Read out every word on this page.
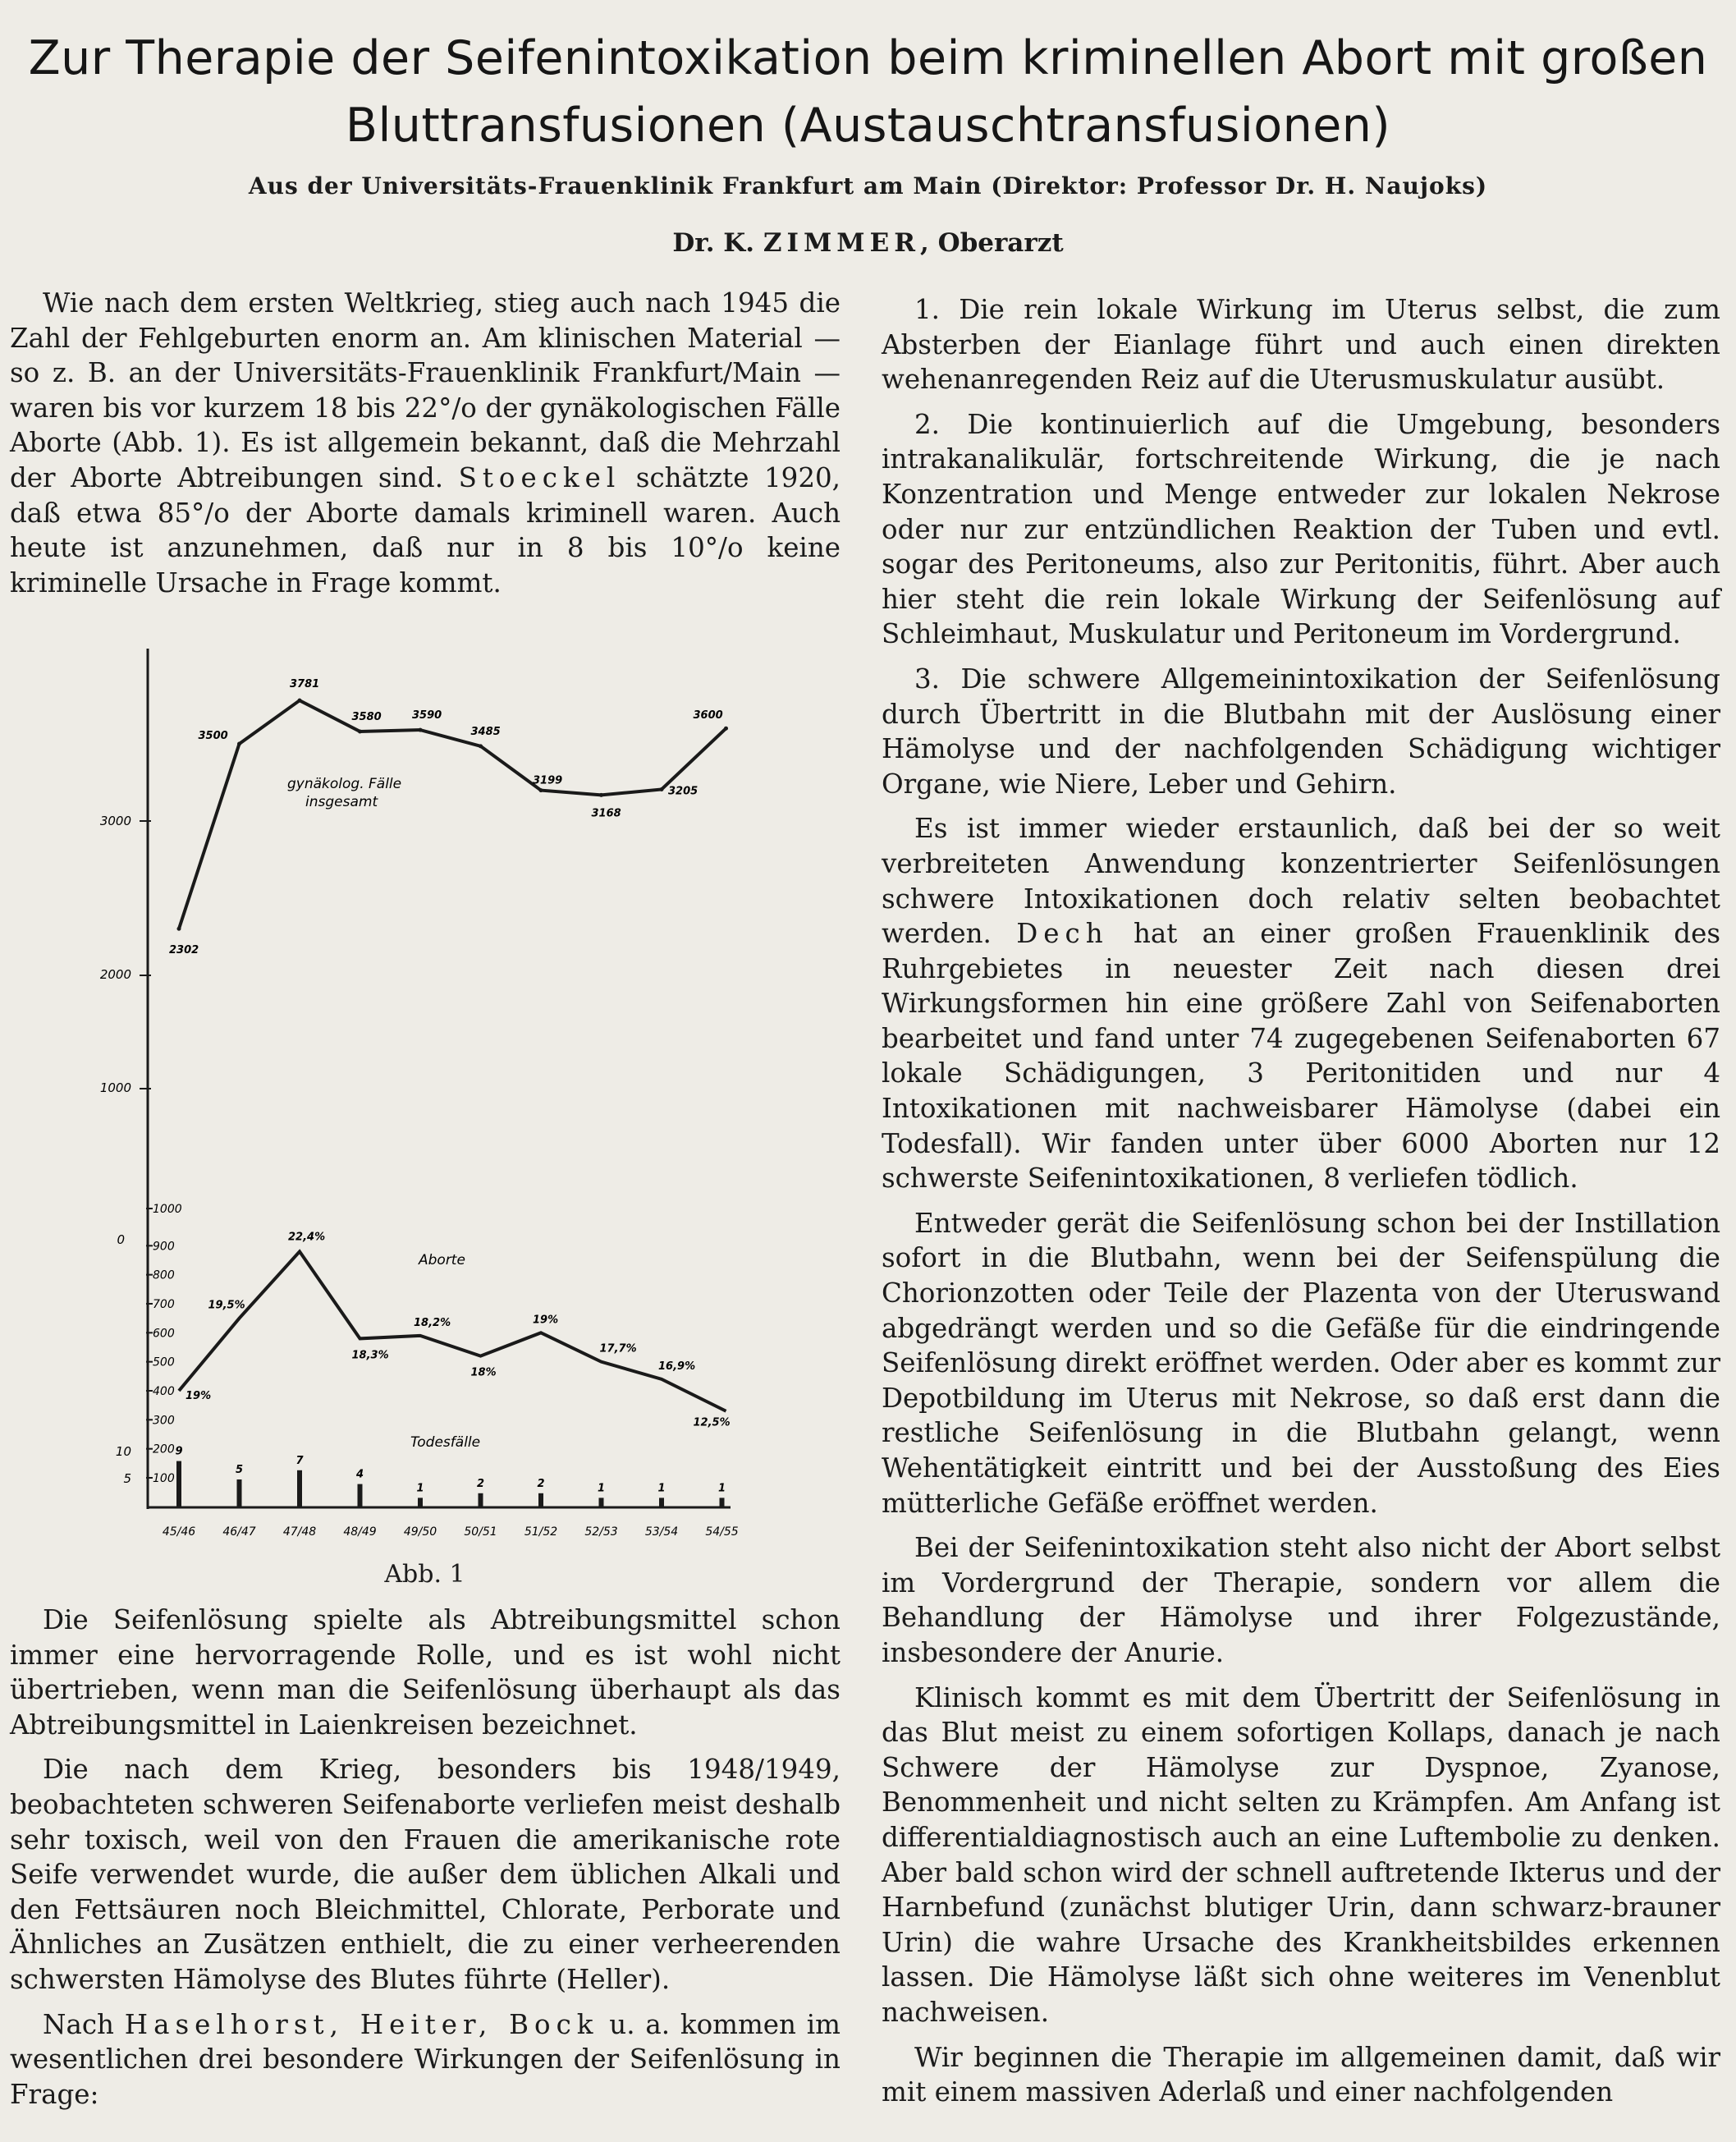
Zur Therapie der Seifenintoxikation beim kriminellen Abort mit großen
Bluttransfusionen (Austauschtransfusionen)
Aus der Universitäts-Frauenklinik Frankfurt am Main (Direktor: Professor Dr. H. Naujoks)
Dr. K. ZIMMER, Oberarzt

Wie nach dem ersten Weltkrieg, stieg auch nach 1945 die Zahl der Fehlgeburten enorm an. Am klinischen Material — so z. B. an der Universitäts-Frauenklinik Frankfurt/Main — waren bis vor kurzem 18 bis 22°/o der gynäkologischen Fälle Aborte (Abb. 1). Es ist allgemein bekannt, daß die Mehrzahl der Aborte Abtreibungen sind. Stoeckel schätzte 1920, daß etwa 85°/o der Aborte damals kriminell waren. Auch heute ist anzunehmen, daß nur in 8 bis 10°/o keine kriminelle Ursache in Frage kommt.

1000
900
800
700
600
500
400
300
200
100
45/46 46/47 47/48 48/49 49/50 50/51 51/52 52/53 53/54 54/55
2302
3500
3781
3580	3590
3485
3199
3168
3205
3600
19%
19,5%
22,4%
18,3%
18,2%
18%
19%
17,7%
16,9%
12,5%
9
5
7
4
1	2	2	1	1	1
gynäkolog. Fälle
insgesamt
Aborte
Todesfälle
3000
2000
1000
0
10
5
Abb. 1

Die Seifenlösung spielte als Abtreibungsmittel schon immer eine hervorragende Rolle, und es ist wohl nicht übertrieben, wenn man die Seifenlösung überhaupt als das Abtreibungsmittel in Laienkreisen bezeichnet.

Die nach dem Krieg, besonders bis 1948/1949, beobachteten schweren Seifenaborte verliefen meist deshalb sehr toxisch, weil von den Frauen die amerikanische rote Seife verwendet wurde, die außer dem üblichen Alkali und den Fettsäuren noch Bleichmittel, Chlorate, Perborate und Ähnliches an Zusätzen enthielt, die zu einer verheerenden schwersten Hämolyse des Blutes führte (Heller).

Nach Haselhorst, Heiter, Bock u. a. kommen im wesentlichen drei besondere Wirkungen der Seifenlösung in Frage:

1. Die rein lokale Wirkung im Uterus selbst, die zum Absterben der Eianlage führt und auch einen direkten wehenanregenden Reiz auf die Uterusmuskulatur ausübt.

2. Die kontinuierlich auf die Umgebung, besonders intrakanalikulär, fortschreitende Wirkung, die je nach Konzentration und Menge entweder zur lokalen Nekrose oder nur zur entzündlichen Reaktion der Tuben und evtl. sogar des Peritoneums, also zur Peritonitis, führt. Aber auch hier steht die rein lokale Wirkung der Seifenlösung auf Schleimhaut, Muskulatur und Peritoneum im Vordergrund.

3. Die schwere Allgemeinintoxikation der Seifenlösung durch Übertritt in die Blutbahn mit der Auslösung einer Hämolyse und der nachfolgenden Schädigung wichtiger Organe, wie Niere, Leber und Gehirn.

Es ist immer wieder erstaunlich, daß bei der so weit verbreiteten Anwendung konzentrierter Seifenlösungen schwere Intoxikationen doch relativ selten beobachtet werden. Dech hat an einer großen Frauenklinik des Ruhrgebietes in neuester Zeit nach diesen drei Wirkungsformen hin eine größere Zahl von Seifenaborten bearbeitet und fand unter 74 zugegebenen Seifenaborten 67 lokale Schädigungen, 3 Peritonitiden und nur 4 Intoxikationen mit nachweisbarer Hämolyse (dabei ein Todesfall). Wir fanden unter über 6000 Aborten nur 12 schwerste Seifenintoxikationen, 8 verliefen tödlich.

Entweder gerät die Seifenlösung schon bei der Instillation sofort in die Blutbahn, wenn bei der Seifenspülung die Chorionzotten oder Teile der Plazenta von der Uteruswand abgedrängt werden und so die Gefäße für die eindringende Seifenlösung direkt eröffnet werden. Oder aber es kommt zur Depotbildung im Uterus mit Nekrose, so daß erst dann die restliche Seifenlösung in die Blutbahn gelangt, wenn Wehentätigkeit eintritt und bei der Ausstoßung des Eies mütterliche Gefäße eröffnet werden.

Bei der Seifenintoxikation steht also nicht der Abort selbst im Vordergrund der Therapie, sondern vor allem die Behandlung der Hämolyse und ihrer Folgezustände, insbesondere der Anurie.

Klinisch kommt es mit dem Übertritt der Seifenlösung in das Blut meist zu einem sofortigen Kollaps, danach je nach Schwere der Hämolyse zur Dyspnoe, Zyanose, Benommenheit und nicht selten zu Krämpfen. Am Anfang ist differentialdiagnostisch auch an eine Luftembolie zu denken. Aber bald schon wird der schnell auftretende Ikterus und der Harnbefund (zunächst blutiger Urin, dann schwarz-brauner Urin) die wahre Ursache des Krankheitsbildes erkennen lassen. Die Hämolyse läßt sich ohne weiteres im Venenblut nachweisen.

Wir beginnen die Therapie im allgemeinen damit, daß wir mit einem massiven Aderlaß und einer nachfolgenden
